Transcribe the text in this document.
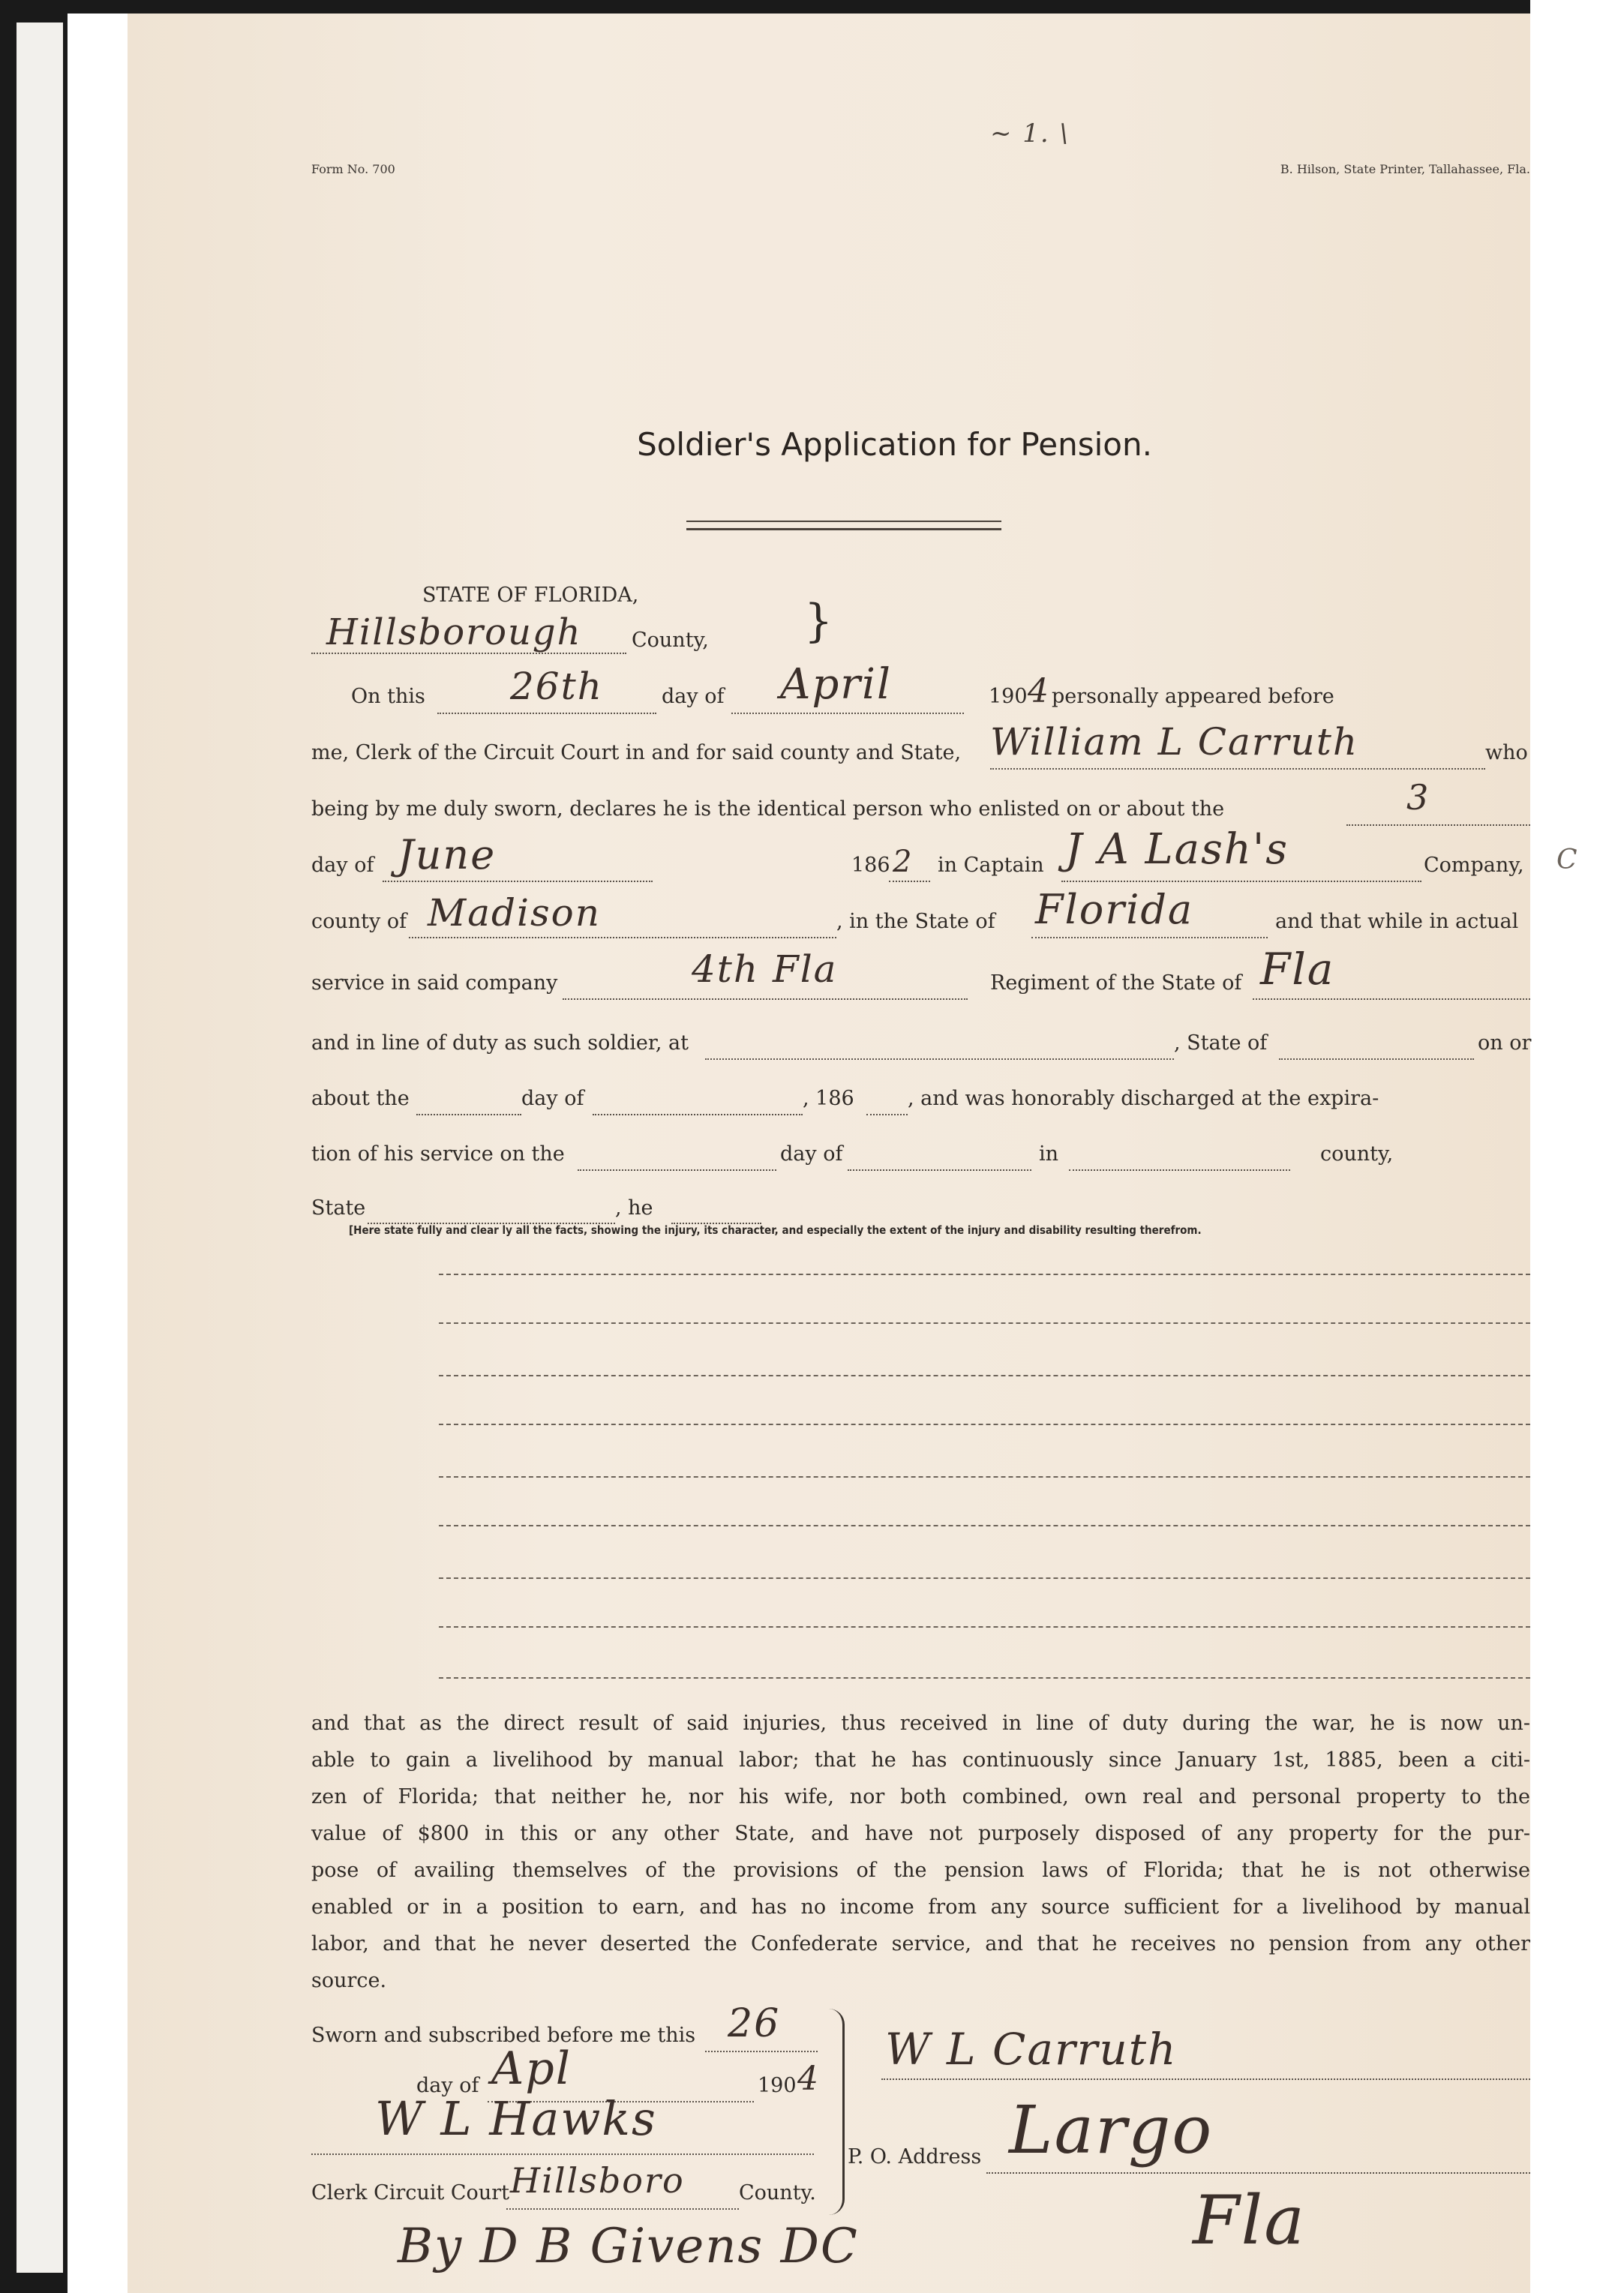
Form No. 700	B. Hilson, State Printer, Tallahassee, Fla.
~ 1. \
Soldier's Application for Pension.
STATE OF FLORIDA,
Hillsborough County, }
On this 26th	day of April	190 4 personally appeared before
me, Clerk of the Circuit Court in and for said county and State, William L Carruth	who
being by me duly sworn, declares he is the identical person who enlisted on or about the	3
day of June	186 2 in Captain J A Lash's	Company, C
county of Madison	, in the State of Florida	and that while in actual
service in said company	4th Fla	Regiment of the State of Fla
and in line of duty as such soldier, at	, State of	on or
about the	day of	, 186	, and was honorably discharged at the expira-
tion of his service on the	day of	in	county,
State	, he
[Here state fully and clear ly all the facts, showing the injury, its character, and especially the extent of the injury and disability resulting therefrom.
and that as the direct result of said injuries, thus received in line of duty during the war, he is now un-
able to gain a livelihood by manual labor; that he has continuously since January 1st, 1885, been a citi-
zen of Florida; that neither he, nor his wife, nor both combined, own real and personal property to the
value of $800 in this or any other State, and have not purposely disposed of any property for the pur-
pose of availing themselves of the provisions of the pension laws of Florida; that he is not otherwise
enabled or in a position to earn, and has no income from any source sufficient for a livelihood by manual
labor, and that he never deserted the Confederate service, and that he receives no pension from any other
source.
Sworn and subscribed before me this 26
day of Apl	190 4
W L Hawks
Clerk Circuit Court Hillsboro	County.
By D B Givens DC
W L Carruth
P. O. Address Largo
Fla
